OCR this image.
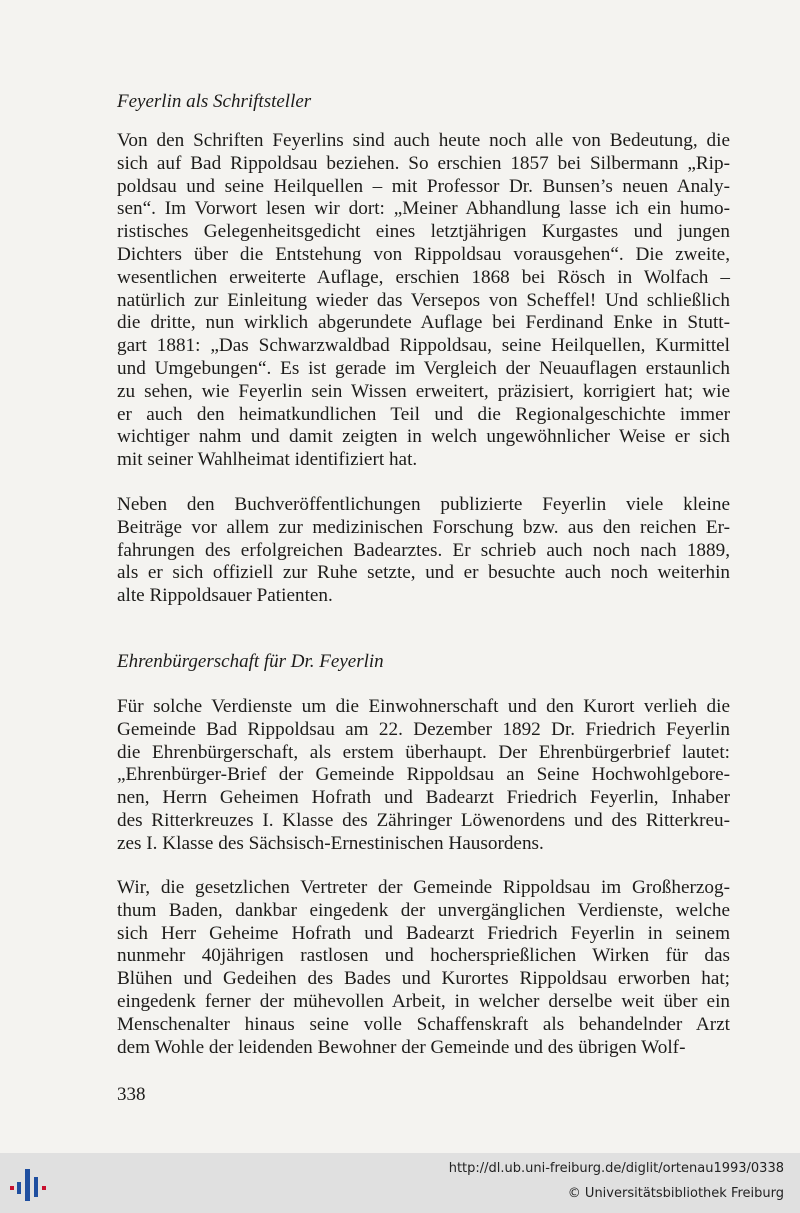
Feyerlin als Schriftsteller
Von den Schriften Feyerlins sind auch heute noch alle von Bedeutung, die
sich auf Bad Rippoldsau beziehen. So erschien 1857 bei Silbermann „Rip-
poldsau und seine Heilquellen – mit Professor Dr. Bunsen’s neuen Analy-
sen“. Im Vorwort lesen wir dort: „Meiner Abhandlung lasse ich ein humo-
ristisches Gelegenheitsgedicht eines letztjährigen Kurgastes und jungen
Dichters über die Entstehung von Rippoldsau vorausgehen“. Die zweite,
wesentlichen erweiterte Auflage, erschien 1868 bei Rösch in Wolfach –
natürlich zur Einleitung wieder das Versepos von Scheffel! Und schließlich
die dritte, nun wirklich abgerundete Auflage bei Ferdinand Enke in Stutt-
gart 1881: „Das Schwarzwaldbad Rippoldsau, seine Heilquellen, Kurmittel
und Umgebungen“. Es ist gerade im Vergleich der Neuauflagen erstaunlich
zu sehen, wie Feyerlin sein Wissen erweitert, präzisiert, korrigiert hat; wie
er auch den heimatkundlichen Teil und die Regionalgeschichte immer
wichtiger nahm und damit zeigten in welch ungewöhnlicher Weise er sich
mit seiner Wahlheimat identifiziert hat.
Neben den Buchveröffentlichungen publizierte Feyerlin viele kleine
Beiträge vor allem zur medizinischen Forschung bzw. aus den reichen Er-
fahrungen des erfolgreichen Badearztes. Er schrieb auch noch nach 1889,
als er sich offiziell zur Ruhe setzte, und er besuchte auch noch weiterhin
alte Rippoldsauer Patienten.
Ehrenbürgerschaft für Dr. Feyerlin
Für solche Verdienste um die Einwohnerschaft und den Kurort verlieh die
Gemeinde Bad Rippoldsau am 22. Dezember 1892 Dr. Friedrich Feyerlin
die Ehrenbürgerschaft, als erstem überhaupt. Der Ehrenbürgerbrief lautet:
„Ehrenbürger-Brief der Gemeinde Rippoldsau an Seine Hochwohlgebore-
nen, Herrn Geheimen Hofrath und Badearzt Friedrich Feyerlin, Inhaber
des Ritterkreuzes I. Klasse des Zähringer Löwenordens und des Ritterkreu-
zes I. Klasse des Sächsisch-Ernestinischen Hausordens.
Wir, die gesetzlichen Vertreter der Gemeinde Rippoldsau im Großherzog-
thum Baden, dankbar eingedenk der unvergänglichen Verdienste, welche
sich Herr Geheime Hofrath und Badearzt Friedrich Feyerlin in seinem
nunmehr 40jährigen rastlosen und hochersprießlichen Wirken für das
Blühen und Gedeihen des Bades und Kurortes Rippoldsau erworben hat;
eingedenk ferner der mühevollen Arbeit, in welcher derselbe weit über ein
Menschenalter hinaus seine volle Schaffenskraft als behandelnder Arzt
dem Wohle der leidenden Bewohner der Gemeinde und des übrigen Wolf-
338
http://dl.ub.uni-freiburg.de/diglit/ortenau1993/0338
© Universitätsbibliothek Freiburg
